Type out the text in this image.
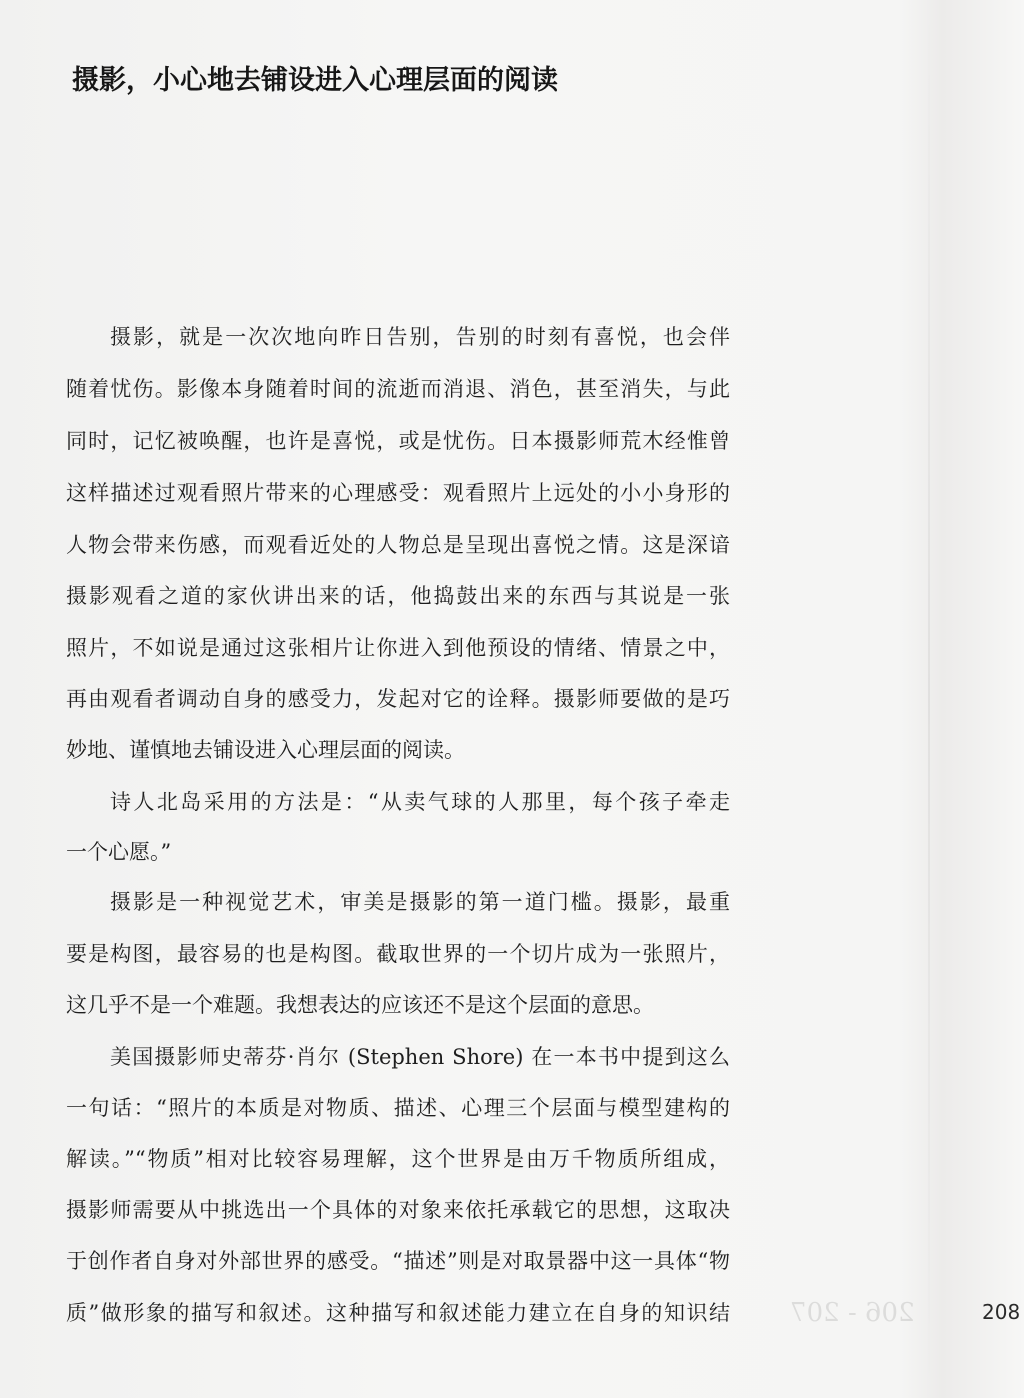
摄影，小心地去铺设进入心理层面的阅读
摄影，就是一次次地向昨日告别，告别的时刻有喜悦，也会伴
随着忧伤。影像本身随着时间的流逝而消退、消色，甚至消失，与此
同时，记忆被唤醒，也许是喜悦，或是忧伤。日本摄影师荒木经惟曾
这样描述过观看照片带来的心理感受：观看照片上远处的小小身形的
人物会带来伤感，而观看近处的人物总是呈现出喜悦之情。这是深谙
摄影观看之道的家伙讲出来的话，他捣鼓出来的东西与其说是一张
照片，不如说是通过这张相片让你进入到他预设的情绪、情景之中，
再由观看者调动自身的感受力，发起对它的诠释。摄影师要做的是巧
妙地、谨慎地去铺设进入心理层面的阅读。
诗人北岛采用的方法是：“从卖气球的人那里，每个孩子牵走
一个心愿。”
摄影是一种视觉艺术，审美是摄影的第一道门槛。摄影，最重
要是构图，最容易的也是构图。截取世界的一个切片成为一张照片，
这几乎不是一个难题。我想表达的应该还不是这个层面的意思。
美国摄影师史蒂芬·肖尔 (Stephen Shore) 在一本书中提到这么
一句话：“照片的本质是对物质、描述、心理三个层面与模型建构的
解读。”“物质”相对比较容易理解，这个世界是由万千物质所组成，
摄影师需要从中挑选出一个具体的对象来依托承载它的思想，这取决
于创作者自身对外部世界的感受。“描述”则是对取景器中这一具体“物
质”做形象的描写和叙述。这种描写和叙述能力建立在自身的知识结 206 - 207	208
